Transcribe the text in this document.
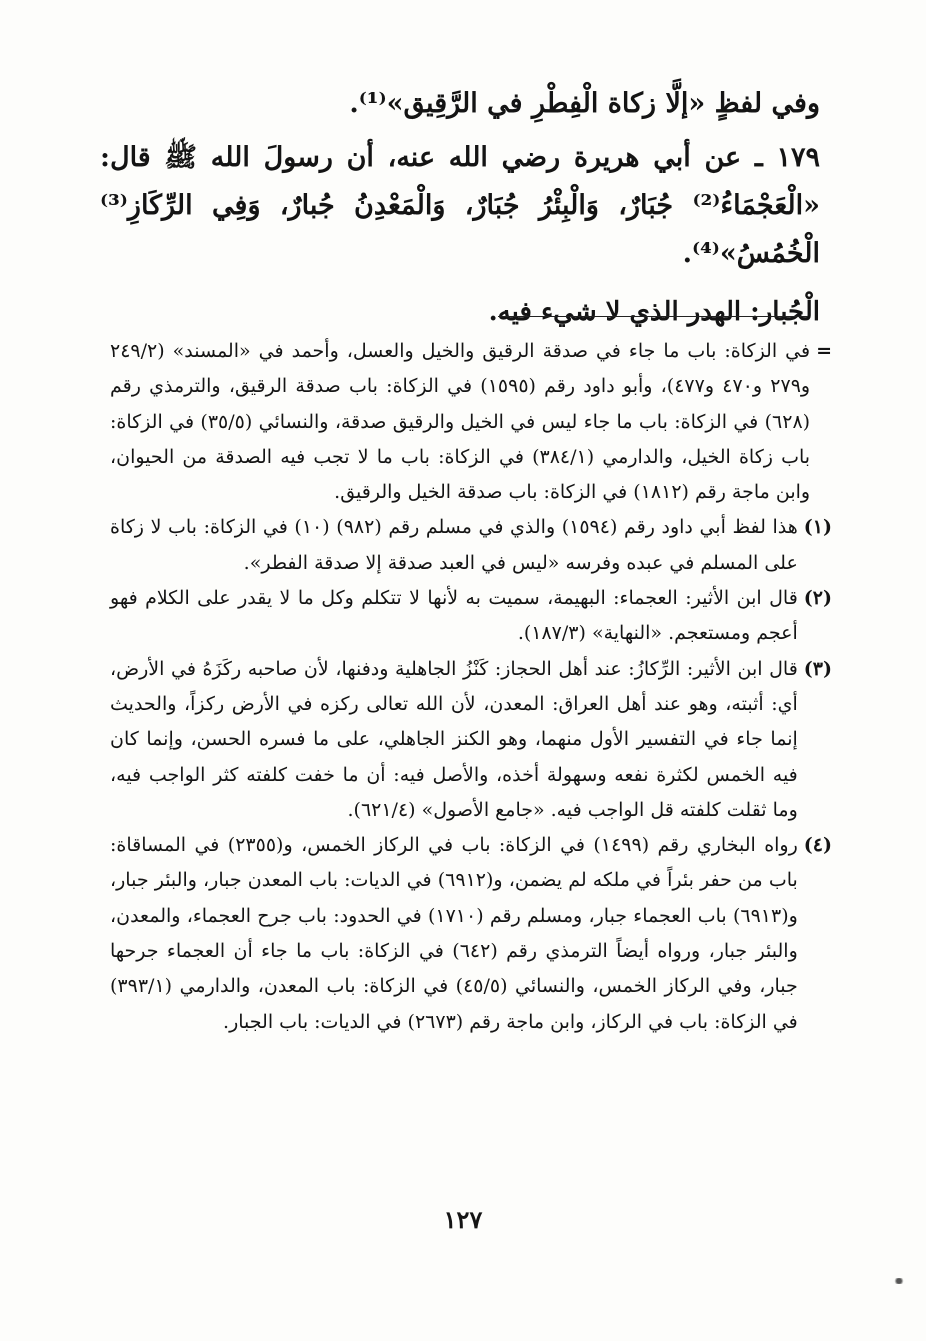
وفي لفظٍ «إلَّا زكاة الْفِطْرِ في الرَّقِيق»⁽¹⁾.

١٧٩ ـ عن أبي هريرة رضي الله عنه، أن رسولَ الله ﷺ قال: «الْعَجْمَاءُ⁽²⁾ جُبَارٌ، وَالْبِئْرُ جُبَارٌ، وَالْمَعْدِنُ جُبارٌ، وَفِي الرِّكَازِ⁽³⁾ الْخُمُسُ»⁽⁴⁾.

الْجُبار: الهدر الذي لا شيء فيه.

=
في الزكاة: باب ما جاء في صدقة الرقيق والخيل والعسل، وأحمد في «المسند» (٢٤٩/٢ و٢٧٩ و٤٧٠ و٤٧٧)، وأبو داود رقم (١٥٩٥) في الزكاة: باب صدقة الرقيق، والترمذي رقم (٦٢٨) في الزكاة: باب ما جاء ليس في الخيل والرقيق صدقة، والنسائي (٣٥/٥) في الزكاة: باب زكاة الخيل، والدارمي (٣٨٤/١) في الزكاة: باب ما لا تجب فيه الصدقة من الحيوان، وابن ماجة رقم (١٨١٢) في الزكاة: باب صدقة الخيل والرقيق.
(١)
هذا لفظ أبي داود رقم (١٥٩٤) والذي في مسلم رقم (٩٨٢) (١٠) في الزكاة: باب لا زكاة على المسلم في عبده وفرسه «ليس في العبد صدقة إلا صدقة الفطر».
(٢)
قال ابن الأثير: العجماء: البهيمة، سميت به لأنها لا تتكلم وكل ما لا يقدر على الكلام فهو أعجم ومستعجم. «النهاية» (١٨٧/٣).
(٣)
قال ابن الأثير: الرِّكازُ: عند أهل الحجاز: كَنْزُ الجاهلية ودفنها، لأن صاحبه ركَزَهُ في الأرض، أي: أثبته، وهو عند أهل العراق: المعدن، لأن الله تعالى ركزه في الأرض ركزاً، والحديث إنما جاء في التفسير الأول منهما، وهو الكنز الجاهلي، على ما فسره الحسن، وإنما كان فيه الخمس لكثرة نفعه وسهولة أخذه، والأصل فيه: أن ما خفت كلفته كثر الواجب فيه، وما ثقلت كلفته قل الواجب فيه. «جامع الأصول» (٦٢١/٤).
(٤)
رواه البخاري رقم (١٤٩٩) في الزكاة: باب في الركاز الخمس، و(٢٣٥٥) في المساقاة: باب من حفر بئراً في ملكه لم يضمن، و(٦٩١٢) في الديات: باب المعدن جبار، والبئر جبار، و(٦٩١٣) باب العجماء جبار، ومسلم رقم (١٧١٠) في الحدود: باب جرح العجماء، والمعدن، والبئر جبار، ورواه أيضاً الترمذي رقم (٦٤٢) في الزكاة: باب ما جاء أن العجماء جرحها جبار، وفي الركاز الخمس، والنسائي (٤٥/٥) في الزكاة: باب المعدن، والدارمي (٣٩٣/١) في الزكاة: باب في الركاز، وابن ماجة رقم (٢٦٧٣) في الديات: باب الجبار.
١٢٧
